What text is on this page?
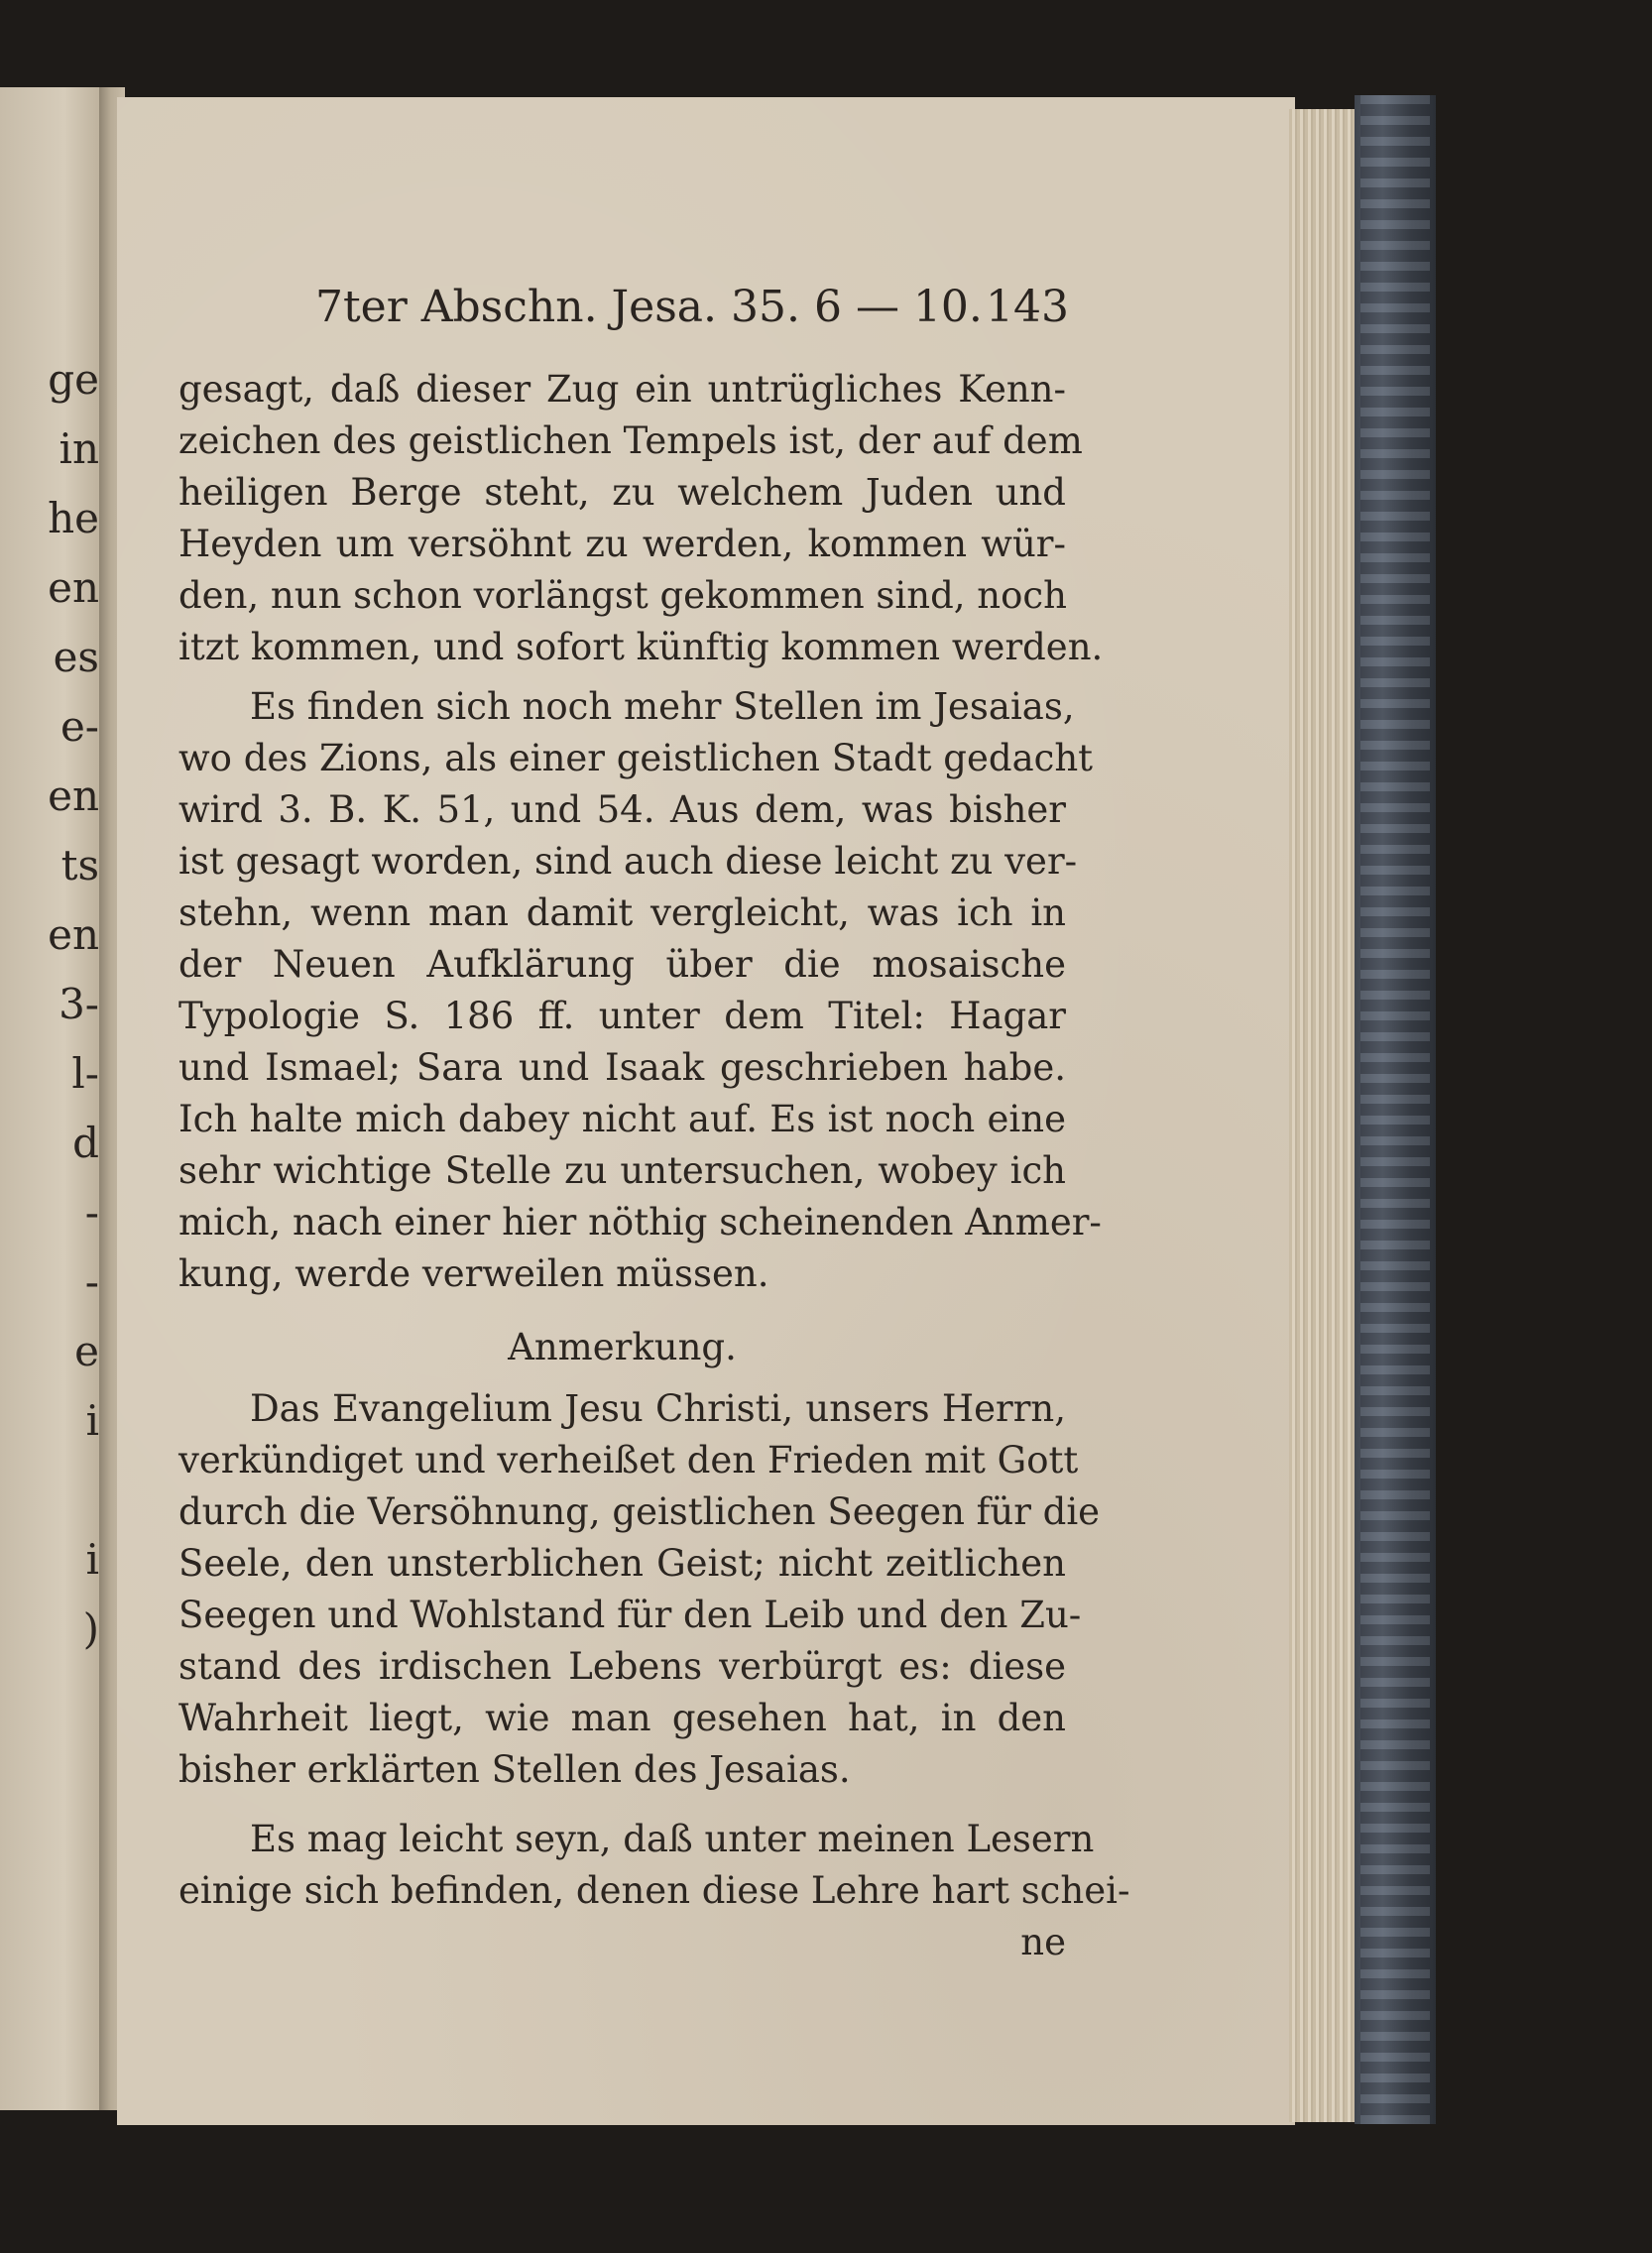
ge
in
he
en
es
e-
en
ts
en
3-
l-
d
-
-
e
i
i
)
7ter Abschn. Jesa. 35. 6 — 10. 143
gesagt, daß dieser Zug ein untrügliches Kenn-
zeichen des geistlichen Tempels ist, der auf dem
heiligen Berge steht, zu welchem Juden und
Heyden um versöhnt zu werden, kommen wür-
den, nun schon vorlängst gekommen sind, noch
itzt kommen, und sofort künftig kommen werden.
Es finden sich noch mehr Stellen im Jesaias,
wo des Zions, als einer geistlichen Stadt gedacht
wird 3. B. K. 51, und 54. Aus dem, was bisher
ist gesagt worden, sind auch diese leicht zu ver-
stehn, wenn man damit vergleicht, was ich in
der Neuen Aufklärung über die mosaische
Typologie S. 186 ff. unter dem Titel: Hagar
und Ismael; Sara und Isaak geschrieben habe.
Ich halte mich dabey nicht auf. Es ist noch eine
sehr wichtige Stelle zu untersuchen, wobey ich
mich, nach einer hier nöthig scheinenden Anmer-
kung, werde verweilen müssen.
Anmerkung.
Das Evangelium Jesu Christi, unsers Herrn,
verkündiget und verheißet den Frieden mit Gott
durch die Versöhnung, geistlichen Seegen für die
Seele, den unsterblichen Geist; nicht zeitlichen
Seegen und Wohlstand für den Leib und den Zu-
stand des irdischen Lebens verbürgt es: diese
Wahrheit liegt, wie man gesehen hat, in den
bisher erklärten Stellen des Jesaias.
Es mag leicht seyn, daß unter meinen Lesern
einige sich befinden, denen diese Lehre hart schei-
ne
